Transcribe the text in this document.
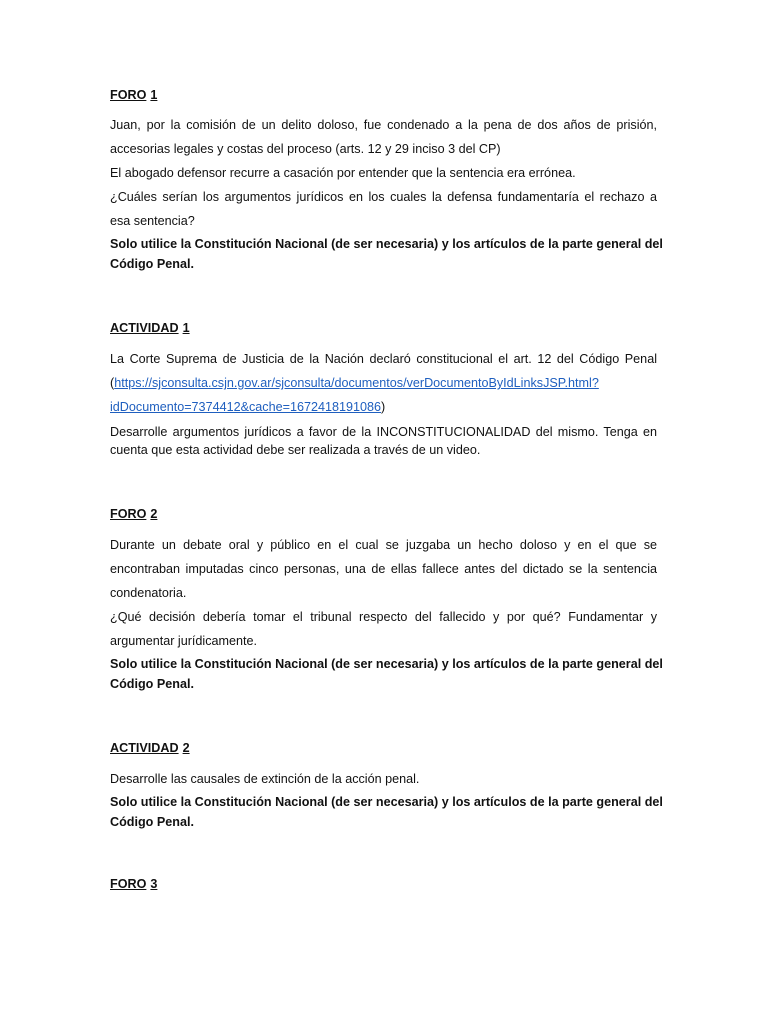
FORO 1
Juan, por la comisión de un delito doloso, fue condenado a la pena de dos años de prisión,
accesorias legales y costas del proceso (arts. 12 y 29 inciso 3 del CP)
El abogado defensor recurre a casación por entender que la sentencia era errónea.
¿Cuáles serían los argumentos jurídicos en los cuales la defensa fundamentaría el rechazo a
esa sentencia?
Solo utilice la Constitución Nacional (de ser necesaria) y los artículos de la parte general del
Código Penal.
ACTIVIDAD 1
La Corte Suprema de Justicia de la Nación declaró constitucional el art. 12 del Código Penal
(https://sjconsulta.csjn.gov.ar/sjconsulta/documentos/verDocumentoByIdLinksJSP.html?
idDocumento=7374412&cache=1672418191086)
Desarrolle argumentos jurídicos a favor de la INCONSTITUCIONALIDAD del mismo. Tenga en
cuenta que esta actividad debe ser realizada a través de un video.
FORO 2
Durante un debate oral y público en el cual se juzgaba un hecho doloso y en el que se
encontraban imputadas cinco personas, una de ellas fallece antes del dictado se la sentencia
condenatoria.
¿Qué decisión debería tomar el tribunal respecto del fallecido y por qué? Fundamentar y
argumentar jurídicamente.
Solo utilice la Constitución Nacional (de ser necesaria) y los artículos de la parte general del
Código Penal.
ACTIVIDAD 2
Desarrolle las causales de extinción de la acción penal.
Solo utilice la Constitución Nacional (de ser necesaria) y los artículos de la parte general del
Código Penal.
FORO 3
